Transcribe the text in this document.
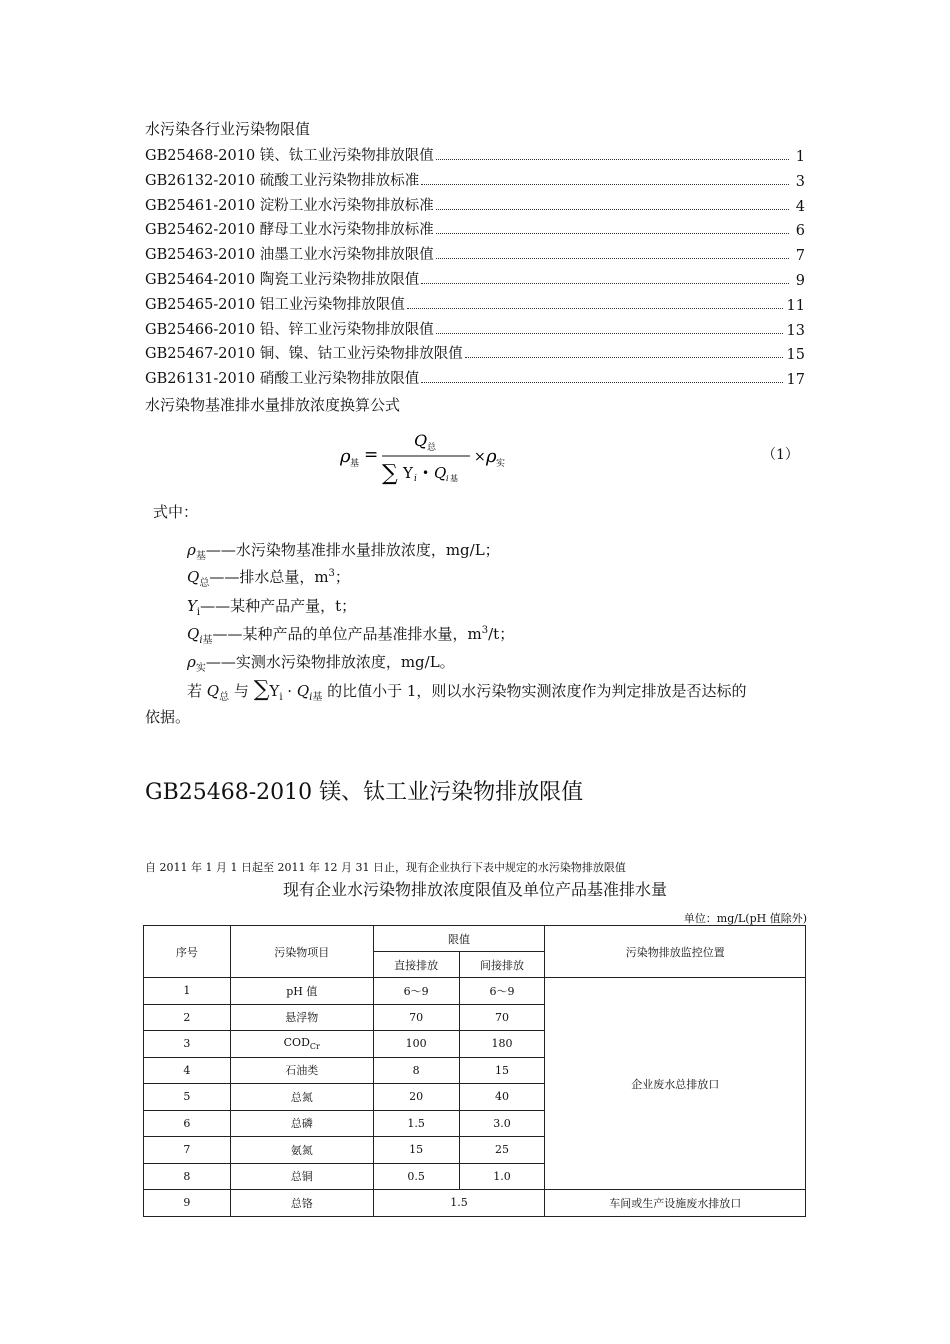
水污染各行业污染物限值
GB25468-2010 镁、钛工业污染物排放限值	1
GB26132-2010 硫酸工业污染物排放标准	3
GB25461-2010 淀粉工业水污染物排放标准	4
GB25462-2010 酵母工业水污染物排放标准	6
GB25463-2010 油墨工业水污染物排放限值	7
GB25464-2010 陶瓷工业污染物排放限值	9
GB25465-2010 铝工业污染物排放限值	11
GB25466-2010 铅、锌工业污染物排放限值	13
GB25467-2010 铜、镍、钴工业污染物排放限值	15
GB26131-2010 硝酸工业污染物排放限值	17
水污染物基准排水量排放浓度换算公式
ρ 基 =
Q 总
∑ Y i • Q i 基
× ρ 实
（1）
式中：
$\rho_基——$水污染物基准排水量排放浓度，mg/L；
$Q_总——$排水总量，$m^3$；
$Y_i——$某种产品产量，t；
$Q_{i基}——$某种产品的单位产品基准排水量，$m^3/t$；
$\rho_实——$实测水污染物排放浓度，mg/L。
若 $Q_总$ 与 $\sum Y_i \cdot Q_{i基}$ 的比值小于 1，则以水污染物实测浓度作为判定排放是否达标的
依据。
GB25468-2010 镁、钛工业污染物排放限值
自 2011 年 1 月 1 日起至 2011 年 12 月 31 日止，现有企业执行下表中规定的水污染物排放限值
现有企业水污染物排放浓度限值及单位产品基准排水量
单位：mg/L(pH 值除外)
序号	污染物项目	限值		污染物排放监控位置
		直接排放	间接排放	
1	pH 值	6～9	6～9	企业废水总排放口
2	悬浮物	70	70	
3	$COD_{Cr}$	100	180	
4	石油类	8	15	
5	总氮	20	40	
6	总磷	1.5	3.0	
7	氨氮	15	25	
8	总铜	0.5	1.0	
9	总铬	1.5		车间或生产设施废水排放口
